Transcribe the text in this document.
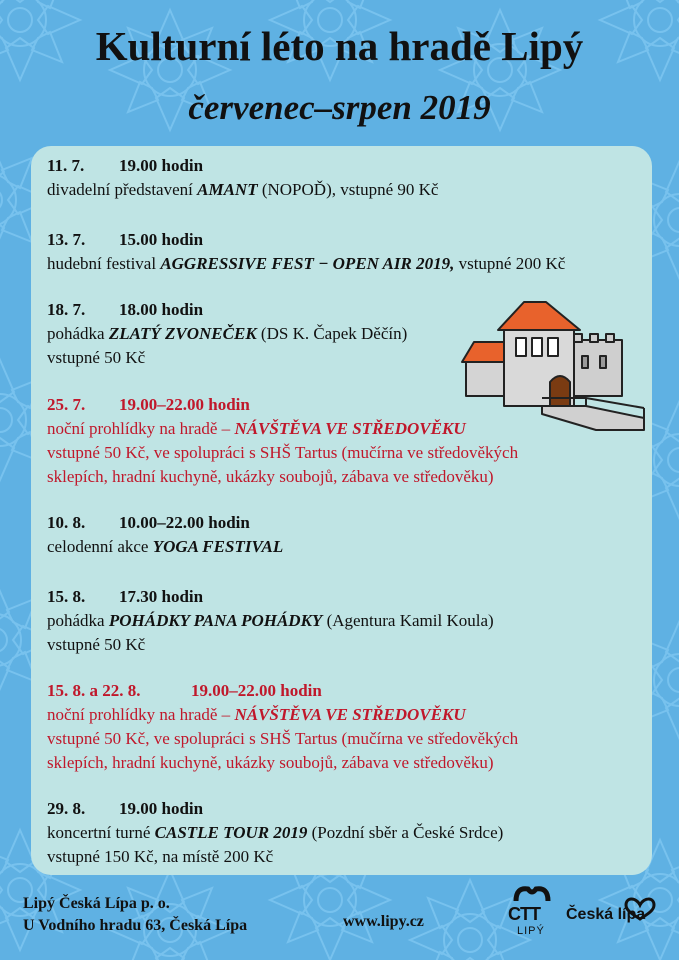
Kulturní léto na hradě Lipý
červenec–srpen 2019
11. 7. 19.00 hodin
divadelní představení AMANT (NOPOĎ), vstupné 90 Kč
13. 7. 15.00 hodin
hudební festival AGGRESSIVE FEST − OPEN AIR 2019, vstupné 200 Kč
18. 7. 18.00 hodin
pohádka ZLATÝ ZVONEČEK (DS K. Čapek Děčín)
vstupné 50 Kč
25. 7. 19.00–22.00 hodin
noční prohlídky na hradě – NÁVŠTĚVA VE STŘEDOVĚKU
vstupné 50 Kč, ve spolupráci s SHŠ Tartus (mučírna ve středověkých
sklepích, hradní kuchyně, ukázky soubojů, zábava ve středověku)
10. 8. 10.00–22.00 hodin
celodenní akce YOGA FESTIVAL
15. 8. 17.30 hodin
pohádka POHÁDKY PANA POHÁDKY (Agentura Kamil Koula)
vstupné 50 Kč
15. 8. a 22. 8.	19.00–22.00 hodin
noční prohlídky na hradě – NÁVŠTĚVA VE STŘEDOVĚKU
vstupné 50 Kč, ve spolupráci s SHŠ Tartus (mučírna ve středověkých
sklepích, hradní kuchyně, ukázky soubojů, zábava ve středověku)
29. 8. 19.00 hodin
koncertní turné CASTLE TOUR 2019 (Pozdní sběr a České Srdce)
vstupné 150 Kč, na místě 200 Kč
Lipý Česká Lípa p. o.
U Vodního hradu 63, Česká Lípa	www.lipy.cz	CTT
LIPÝ
Česká lípa
